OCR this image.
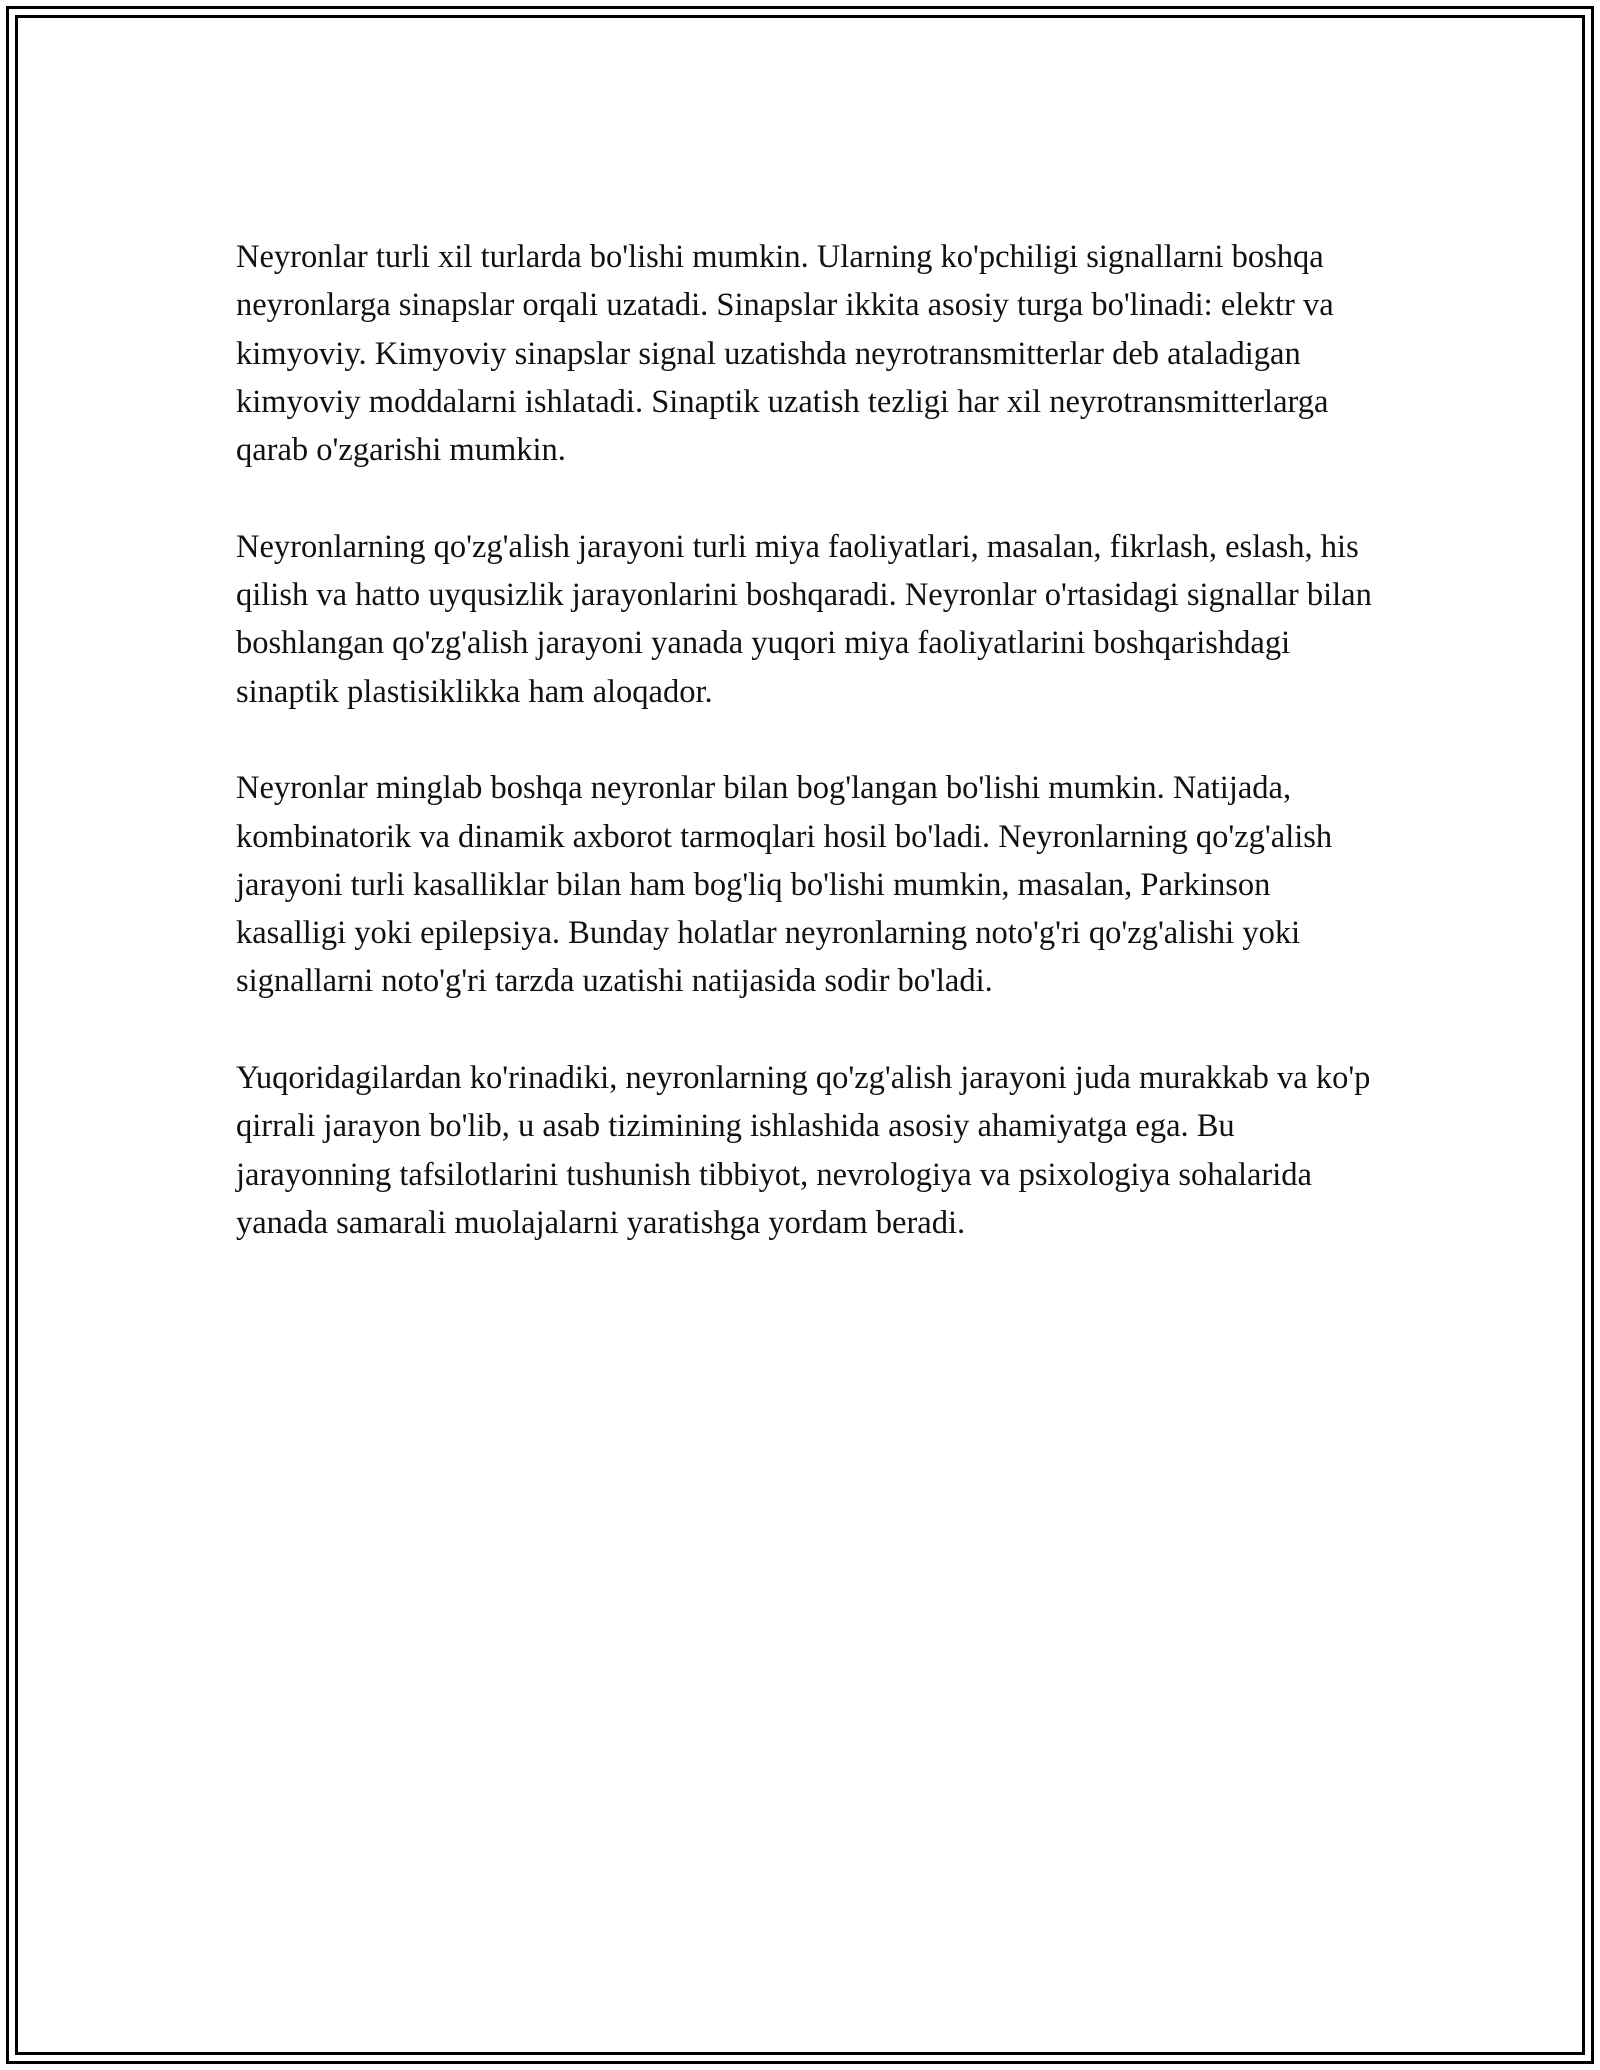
Neyronlar turli xil turlarda bo'lishi mumkin. Ularning ko'pchiligi signallarni boshqa neyronlarga sinapslar orqali uzatadi. Sinapslar ikkita asosiy turga bo'linadi: elektr va kimyoviy. Kimyoviy sinapslar signal uzatishda neyrotransmitterlar deb ataladigan kimyoviy moddalarni ishlatadi. Sinaptik uzatish tezligi har xil neyrotransmitterlarga qarab o'zgarishi mumkin.

Neyronlarning qo'zg'alish jarayoni turli miya faoliyatlari, masalan, fikrlash, eslash, his qilish va hatto uyqusizlik jarayonlarini boshqaradi. Neyronlar o'rtasidagi signallar bilan boshlangan qo'zg'alish jarayoni yanada yuqori miya faoliyatlarini boshqarishdagi sinaptik plastisiklikka ham aloqador.

Neyronlar minglab boshqa neyronlar bilan bog'langan bo'lishi mumkin. Natijada, kombinatorik va dinamik axborot tarmoqlari hosil bo'ladi. Neyronlarning qo'zg'alish jarayoni turli kasalliklar bilan ham bog'liq bo'lishi mumkin, masalan, Parkinson kasalligi yoki epilepsiya. Bunday holatlar neyronlarning noto'g'ri qo'zg'alishi yoki signallarni noto'g'ri tarzda uzatishi natijasida sodir bo'ladi.

Yuqoridagilardan ko'rinadiki, neyronlarning qo'zg'alish jarayoni juda murakkab va ko'p qirrali jarayon bo'lib, u asab tizimining ishlashida asosiy ahamiyatga ega. Bu jarayonning tafsilotlarini tushunish tibbiyot, nevrologiya va psixologiya sohalarida yanada samarali muolajalarni yaratishga yordam beradi.
